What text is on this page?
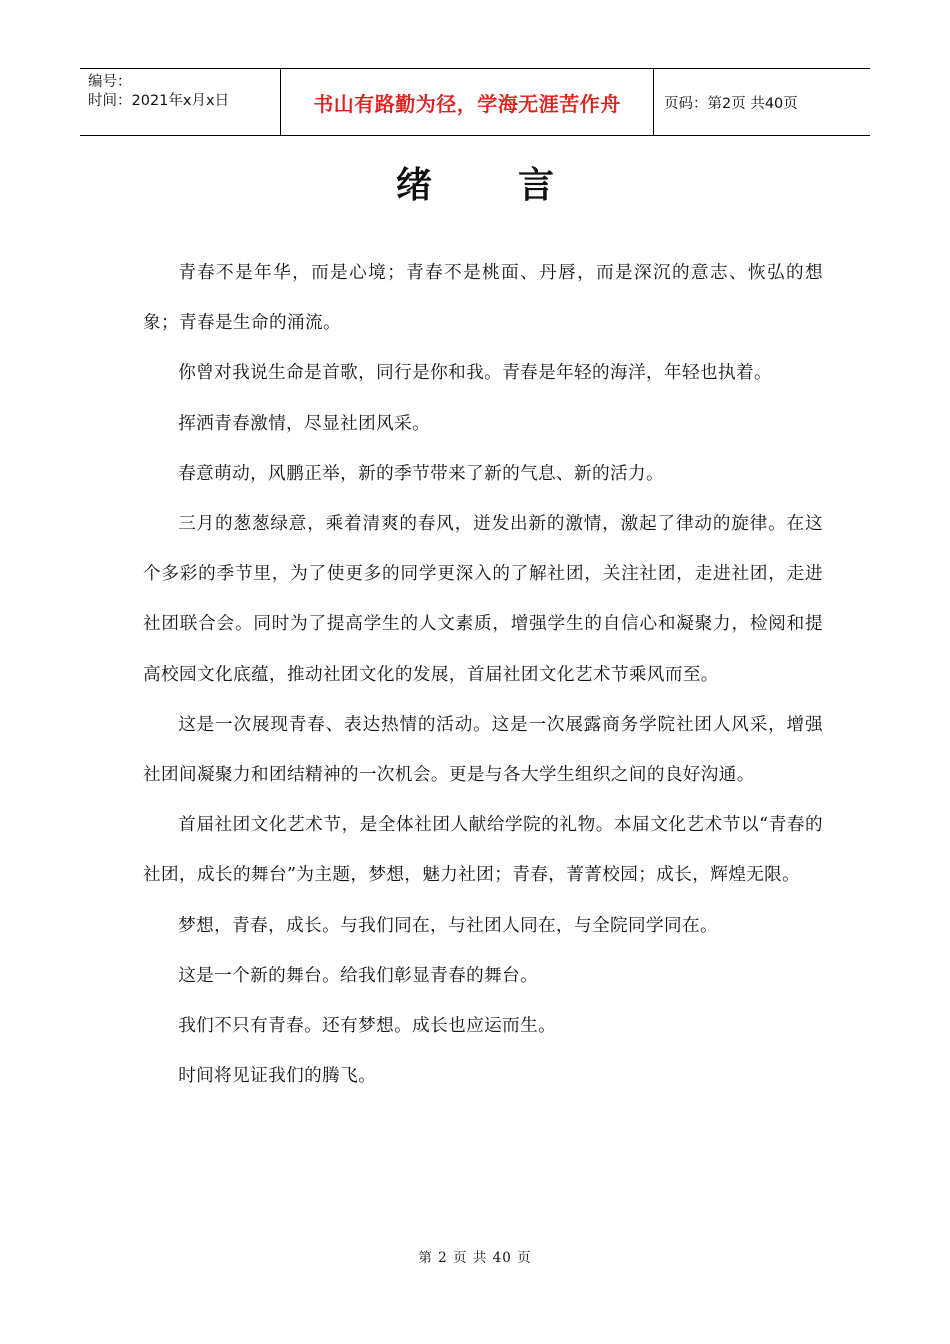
编号：
时间：2021年x月x日	书山有路勤为径，学海无涯苦作舟	页码：第2页 共40页
绪言

青春不是年华，而是心境；青春不是桃面、丹唇，而是深沉的意志、恢弘的想象；青春是生命的涌流。

你曾对我说生命是首歌，同行是你和我。青春是年轻的海洋，年轻也执着。

挥洒青春激情，尽显社团风采。

春意萌动，风鹏正举，新的季节带来了新的气息、新的活力。

三月的葱葱绿意，乘着清爽的春风，迸发出新的激情，激起了律动的旋律。在这个多彩的季节里，为了使更多的同学更深入的了解社团，关注社团，走进社团，走进社团联合会。同时为了提高学生的人文素质，增强学生的自信心和凝聚力，检阅和提高校园文化底蕴，推动社团文化的发展，首届社团文化艺术节乘风而至。

这是一次展现青春、表达热情的活动。这是一次展露商务学院社团人风采，增强社团间凝聚力和团结精神的一次机会。更是与各大学生组织之间的良好沟通。

首届社团文化艺术节，是全体社团人献给学院的礼物。本届文化艺术节以“青春的社团，成长的舞台”为主题，梦想，魅力社团；青春，菁菁校园；成长，辉煌无限。

梦想，青春，成长。与我们同在，与社团人同在，与全院同学同在。

这是一个新的舞台。给我们彰显青春的舞台。

我们不只有青春。还有梦想。成长也应运而生。

时间将见证我们的腾飞。

第 2 页 共 40 页
